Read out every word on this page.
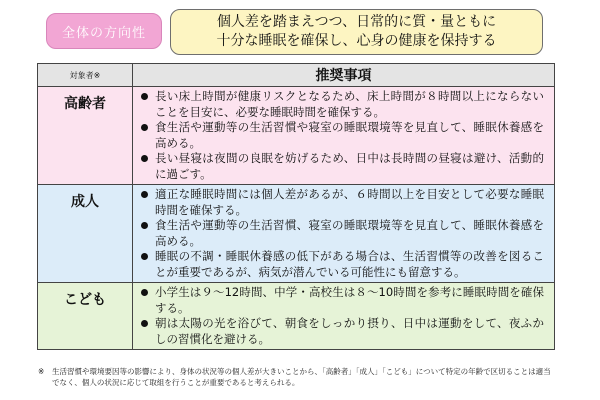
全体の方向性
個人差を踏まえつつ、日常的に質・量ともに
十分な睡眠を確保し、心身の健康を保持する
対象者※	推奨事項
高齢者	長い床上時間が健康リスクとなるため、床上時間が８時間以上にならないことを目安に、必要な睡眠時間を確保する。
食生活や運動等の生活習慣や寝室の睡眠環境等を見直して、睡眠休養感を高める。
長い昼寝は夜間の良眠を妨げるため、日中は長時間の昼寝は避け、活動的に過ごす。
成人	適正な睡眠時間には個人差があるが、６時間以上を目安として必要な睡眠時間を確保する。
食生活や運動等の生活習慣、寝室の睡眠環境等を見直して、睡眠休養感を高める。
睡眠の不調・睡眠休養感の低下がある場合は、生活習慣等の改善を図ることが重要であるが、病気が潜んでいる可能性にも留意する。
こども	小学生は９～12時間、中学・高校生は８～10時間を参考に睡眠時間を確保する。
朝は太陽の光を浴びて、朝食をしっかり摂り、日中は運動をして、夜ふかしの習慣化を避ける。
※ 生活習慣や環境要因等の影響により、身体の状況等の個人差が大きいことから、「高齢者」「成人」「こども」について特定の年齢で区切ることは適当でなく、個人の状況に応じて取組を行うことが重要であると考えられる。
